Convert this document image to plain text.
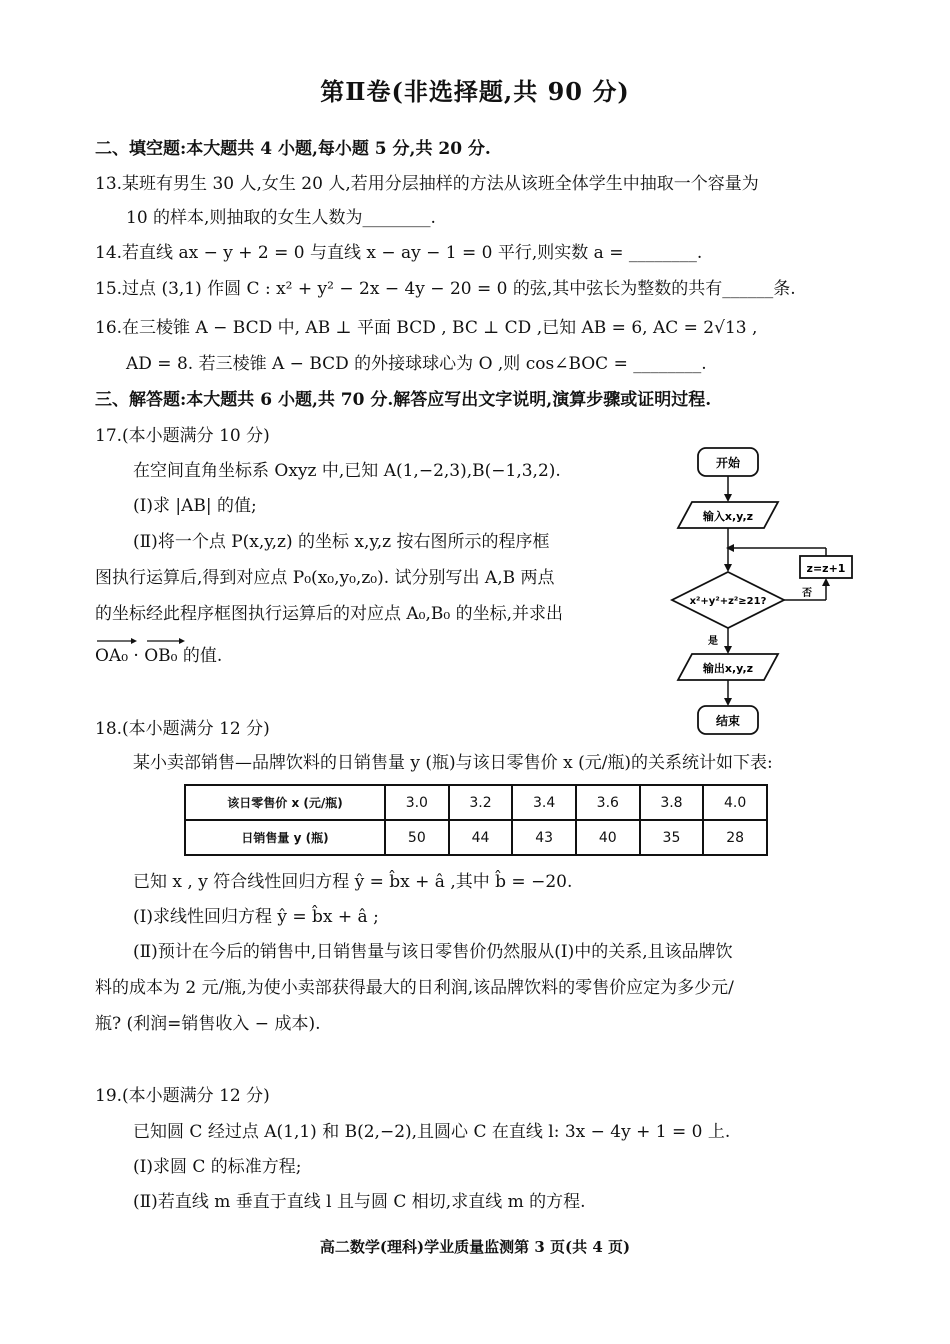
第Ⅱ卷(非选择题,共 90 分)
二、填空题:本大题共 4 小题,每小题 5 分,共 20 分.
13.某班有男生 30 人,女生 20 人,若用分层抽样的方法从该班全体学生中抽取一个容量为
10 的样本,则抽取的女生人数为________.
14.若直线 ax − y + 2 = 0 与直线 x − ay − 1 = 0 平行,则实数 a = ________.
15.过点 (3,1) 作圆 C : x² + y² − 2x − 4y − 20 = 0 的弦,其中弦长为整数的共有______条.
16.在三棱锥 A − BCD 中, AB ⊥ 平面 BCD , BC ⊥ CD ,已知 AB = 6, AC = 2√13 ,
AD = 8. 若三棱锥 A − BCD 的外接球球心为 O ,则 cos∠BOC = ________.
三、解答题:本大题共 6 小题,共 70 分.解答应写出文字说明,演算步骤或证明过程.
17.(本小题满分 10 分)
在空间直角坐标系 Oxyz 中,已知 A(1,−2,3),B(−1,3,2).
(Ⅰ)求 |AB| 的值;
(Ⅱ)将一个点 P(x,y,z) 的坐标 x,y,z 按右图所示的程序框
图执行运算后,得到对应点 P₀(x₀,y₀,z₀). 试分别写出 A,B 两点
的坐标经此程序框图执行运算后的对应点 A₀,B₀ 的坐标,并求出
OA₀ · OB₀ 的值.
开始
输入x,y,z
x²+y²+z²≥21?
否
z=z+1
是
输出x,y,z
结束
18.(本小题满分 12 分)
某小卖部销售—品牌饮料的日销售量 y (瓶)与该日零售价 x (元/瓶)的关系统计如下表:
该日零售价 x (元/瓶)	3.0	3.2	3.4	3.6	3.8	4.0
日销售量 y (瓶)	50	44	43	40	35	28
已知 x , y 符合线性回归方程 ŷ = b̂x + â ,其中 b̂ = −20.
(Ⅰ)求线性回归方程 ŷ = b̂x + â ;
(Ⅱ)预计在今后的销售中,日销售量与该日零售价仍然服从(Ⅰ)中的关系,且该品牌饮
料的成本为 2 元/瓶,为使小卖部获得最大的日利润,该品牌饮料的零售价应定为多少元/
瓶? (利润=销售收入 − 成本).
19.(本小题满分 12 分)
已知圆 C 经过点 A(1,1) 和 B(2,−2),且圆心 C 在直线 l: 3x − 4y + 1 = 0 上.
(Ⅰ)求圆 C 的标准方程;
(Ⅱ)若直线 m 垂直于直线 l 且与圆 C 相切,求直线 m 的方程.
高二数学(理科)学业质量监测第 3 页(共 4 页)
